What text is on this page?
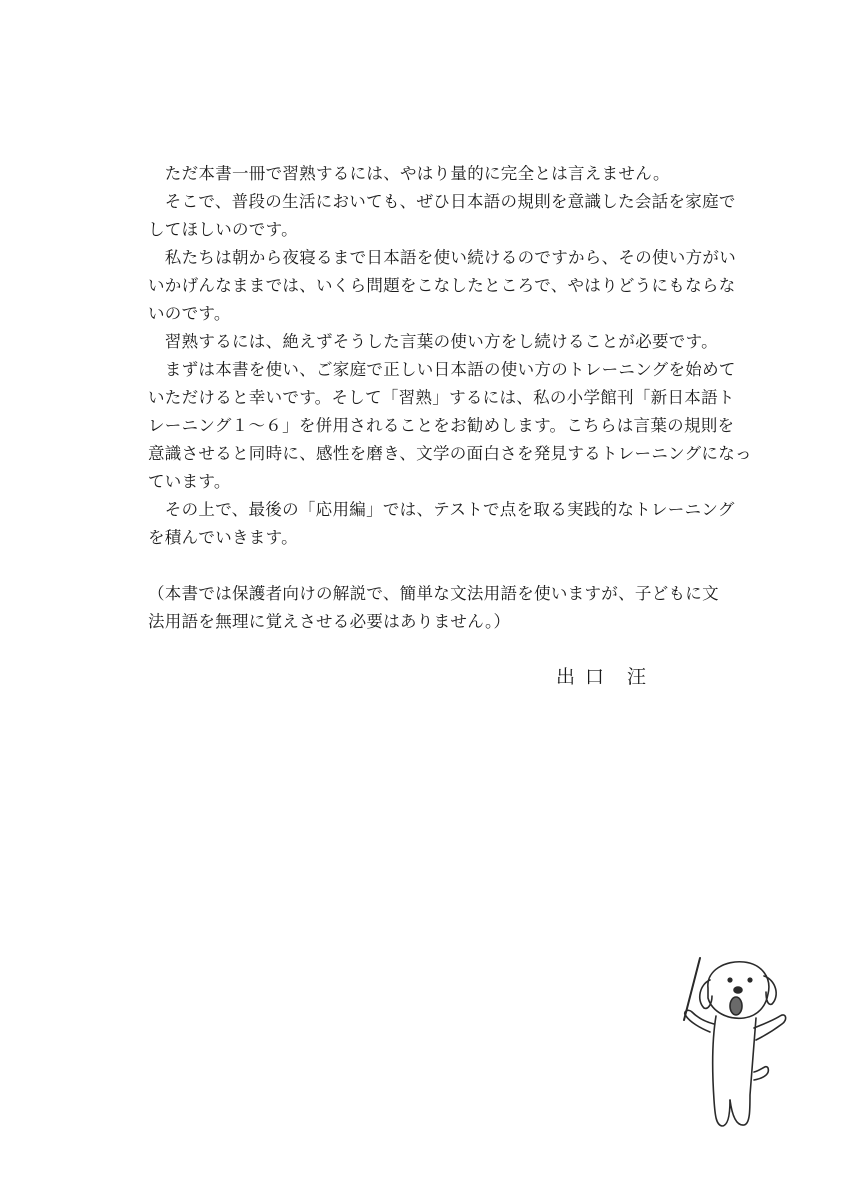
　ただ本書一冊で習熟するには、やはり量的に完全とは言えません。
　そこで、普段の生活においても、ぜひ日本語の規則を意識した会話を家庭で
してほしいのです。
　私たちは朝から夜寝るまで日本語を使い続けるのですから、その使い方がい
いかげんなままでは、いくら問題をこなしたところで、やはりどうにもならな
いのです。
　習熟するには、絶えずそうした言葉の使い方をし続けることが必要です。
　まずは本書を使い、ご家庭で正しい日本語の使い方のトレーニングを始めて
いただけると幸いです。そして「習熟」するには、私の小学館刊「新日本語ト
レーニング１～６」を併用されることをお勧めします。こちらは言葉の規則を
意識させると同時に、感性を磨き、文学の面白さを発見するトレーニングになっ
ています。
　その上で、最後の「応用編」では、テストで点を取る実践的なトレーニング
を積んでいきます。
（本書では保護者向けの解説で、簡単な文法用語を使いますが、子どもに文
法用語を無理に覚えさせる必要はありません。）
出 口　汪
